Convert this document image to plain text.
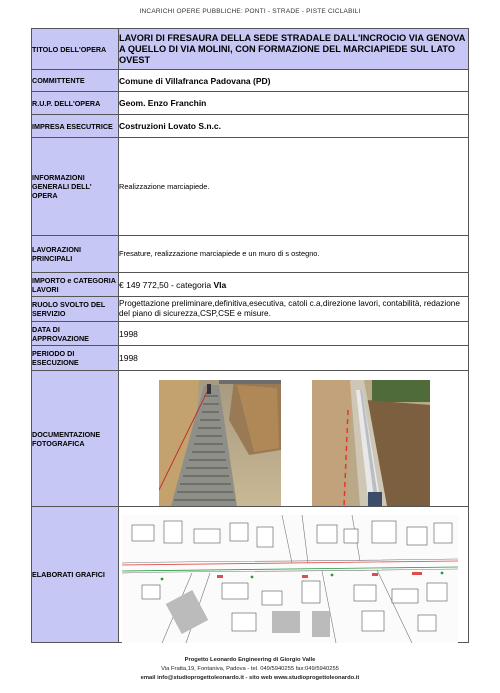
INCARICHI OPERE PUBBLICHE: PONTI - STRADE - PISTE CICLABILI
TITOLO DELL'OPERA	LAVORI DI FRESAURA DELLA SEDE STRADALE DALL'INCROCIO VIA GENOVA A QUELLO DI VIA MOLINI, CON FORMAZIONE DEL MARCIAPIEDE SUL LATO OVEST
COMMITTENTE	Comune di Villafranca Padovana (PD)
R.U.P. DELL'OPERA	Geom. Enzo Franchin
IMPRESA ESECUTRICE	Costruzioni Lovato S.n.c.
INFORMAZIONI GENERALI DELL' OPERA	Realizzazione marciapiede.
LAVORAZIONI PRINCIPALI	Fresature, realizzazione marciapiede e un muro di s ostegno.
IMPORTO e CATEGORIA LAVORI	€ 149 772,50 - categoria VIa
RUOLO SVOLTO DEL SERVIZIO	Progettazione preliminare,definitiva,esecutiva, catoli c.a,direzione lavori, contabilità, redazione del piano di sicurezza,CSP,CSE e misure.
DATA DI APPROVAZIONE	1998
PERIODO DI ESECUZIONE	1998
DOCUMENTAZIONE FOTOGRAFICA	
ELABORATI GRAFICI	
Progetto Leonardo Engineering di Giorgio Valle
Via Fratta,19, Fontaniva, Padova - tel. 049/5940255 fax:049/5940255
email info@studioprogettoleonardo.it - sito web www.studioprogettoleonardo.it
